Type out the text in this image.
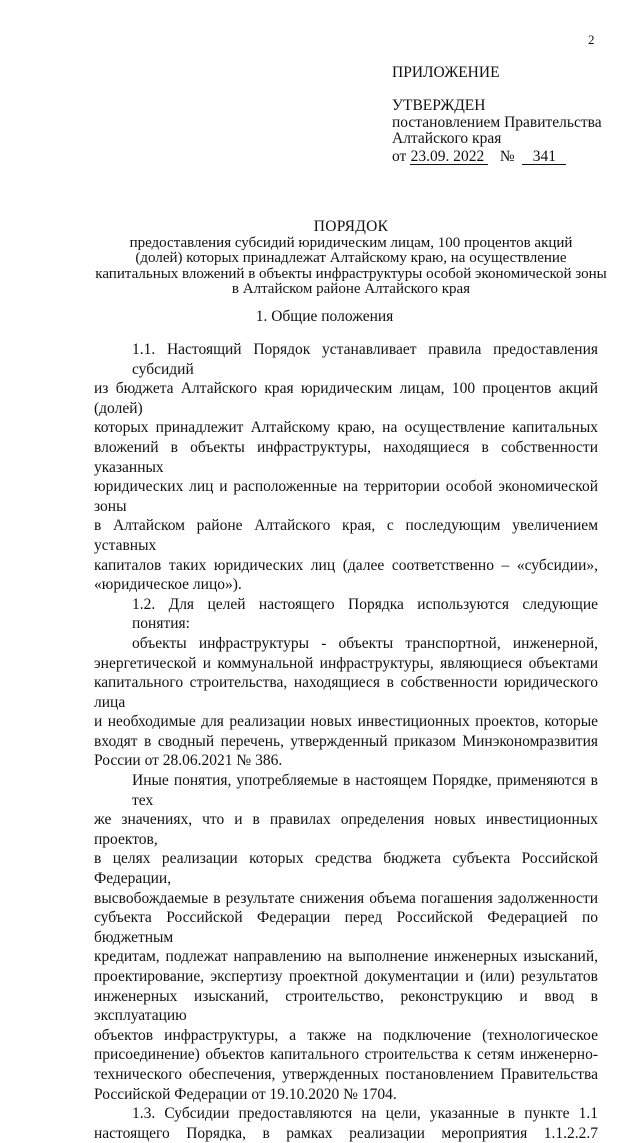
2
ПРИЛОЖЕНИЕ
УТВЕРЖДЕН
постановлением Правительства
Алтайского края
от 23.09. 2022 № 341
ПОРЯДОК
предоставления субсидий юридическим лицам, 100 процентов акций
(долей) которых принадлежат Алтайскому краю, на осуществление
капитальных вложений в объекты инфраструктуры особой экономической зоны
в Алтайском районе Алтайского края
1. Общие положения
1.1. Настоящий Порядок устанавливает правила предоставления субсидий
из бюджета Алтайского края юридическим лицам, 100 процентов акций (долей)
которых принадлежит Алтайскому краю, на осуществление капитальных
вложений в объекты инфраструктуры, находящиеся в собственности указанных
юридических лиц и расположенные на территории особой экономической зоны
в Алтайском районе Алтайского края, с последующим увеличением уставных
капиталов таких юридических лиц (далее соответственно – «субсидии»,
«юридическое лицо»).
1.2. Для целей настоящего Порядка используются следующие понятия:
объекты инфраструктуры - объекты транспортной, инженерной,
энергетической и коммунальной инфраструктуры, являющиеся объектами
капитального строительства, находящиеся в собственности юридического лица
и необходимые для реализации новых инвестиционных проектов, которые
входят в сводный перечень, утвержденный приказом Минэкономразвития
России от 28.06.2021 № 386.
Иные понятия, употребляемые в настоящем Порядке, применяются в тех
же значениях, что и в правилах определения новых инвестиционных проектов,
в целях реализации которых средства бюджета субъекта Российской Федерации,
высвобождаемые в результате снижения объема погашения задолженности
субъекта Российской Федерации перед Российской Федерацией по бюджетным
кредитам, подлежат направлению на выполнение инженерных изысканий,
проектирование, экспертизу проектной документации и (или) результатов
инженерных изысканий, строительство, реконструкцию и ввод в эксплуатацию
объектов инфраструктуры, а также на подключение (технологическое
присоединение) объектов капитального строительства к сетям инженерно-
технического обеспечения, утвержденных постановлением Правительства
Российской Федерации от 19.10.2020 № 1704.
1.3. Субсидии предоставляются на цели, указанные в пункте 1.1
настоящего Порядка, в рамках реализации мероприятия 1.1.2.2.7
